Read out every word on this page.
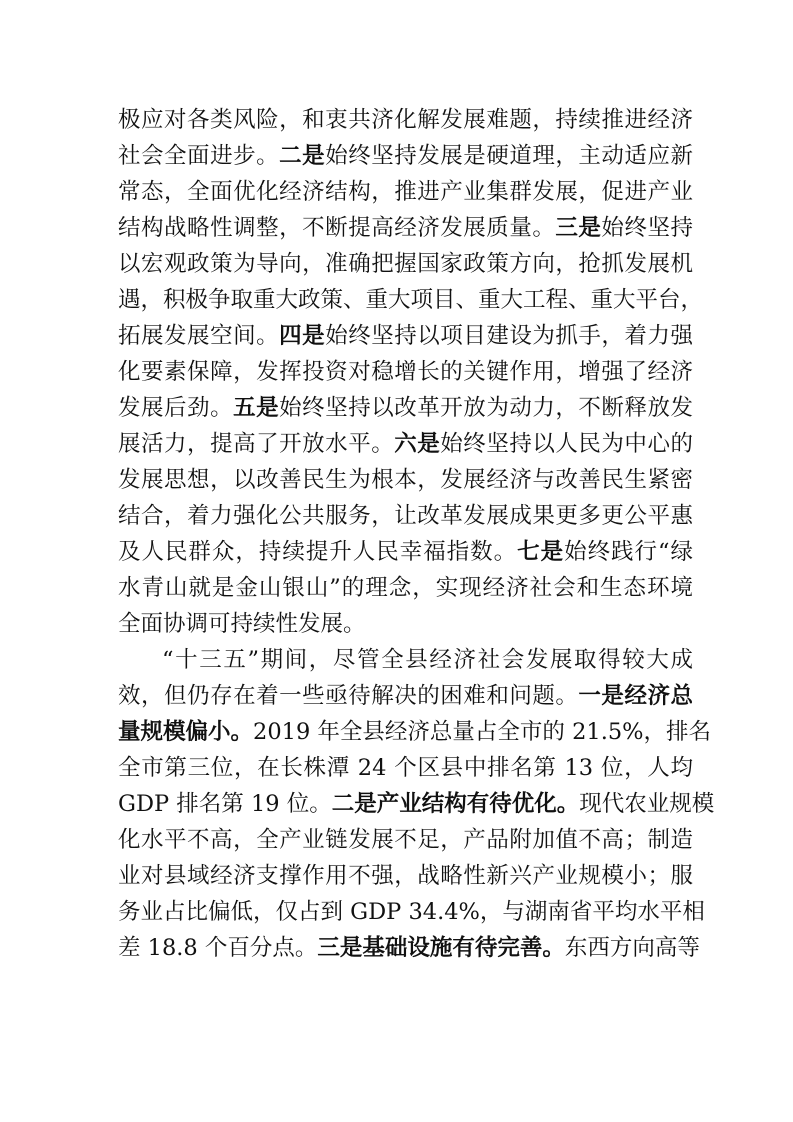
极应对各类风险，和衷共济化解发展难题，持续推进经济
社会全面进步。二是始终坚持发展是硬道理，主动适应新
常态，全面优化经济结构，推进产业集群发展，促进产业
结构战略性调整，不断提高经济发展质量。三是始终坚持
以宏观政策为导向，准确把握国家政策方向，抢抓发展机
遇，积极争取重大政策、重大项目、重大工程、重大平台，
拓展发展空间。四是始终坚持以项目建设为抓手，着力强
化要素保障，发挥投资对稳增长的关键作用，增强了经济
发展后劲。五是始终坚持以改革开放为动力，不断释放发
展活力，提高了开放水平。六是始终坚持以人民为中心的
发展思想，以改善民生为根本，发展经济与改善民生紧密
结合，着力强化公共服务，让改革发展成果更多更公平惠
及人民群众，持续提升人民幸福指数。七是始终践行“绿
水青山就是金山银山”的理念，实现经济社会和生态环境
全面协调可持续性发展。
“十三五”期间，尽管全县经济社会发展取得较大成
效，但仍存在着一些亟待解决的困难和问题。一是经济总
量规模偏小。2019 年全县经济总量占全市的 21.5%，排名
全市第三位，在长株潭 24 个区县中排名第 13 位，人均
GDP 排名第 19 位。二是产业结构有待优化。现代农业规模
化水平不高，全产业链发展不足，产品附加值不高；制造
业对县域经济支撑作用不强，战略性新兴产业规模小；服
务业占比偏低，仅占到 GDP 34.4%，与湖南省平均水平相
差 18.8 个百分点。三是基础设施有待完善。东西方向高等
